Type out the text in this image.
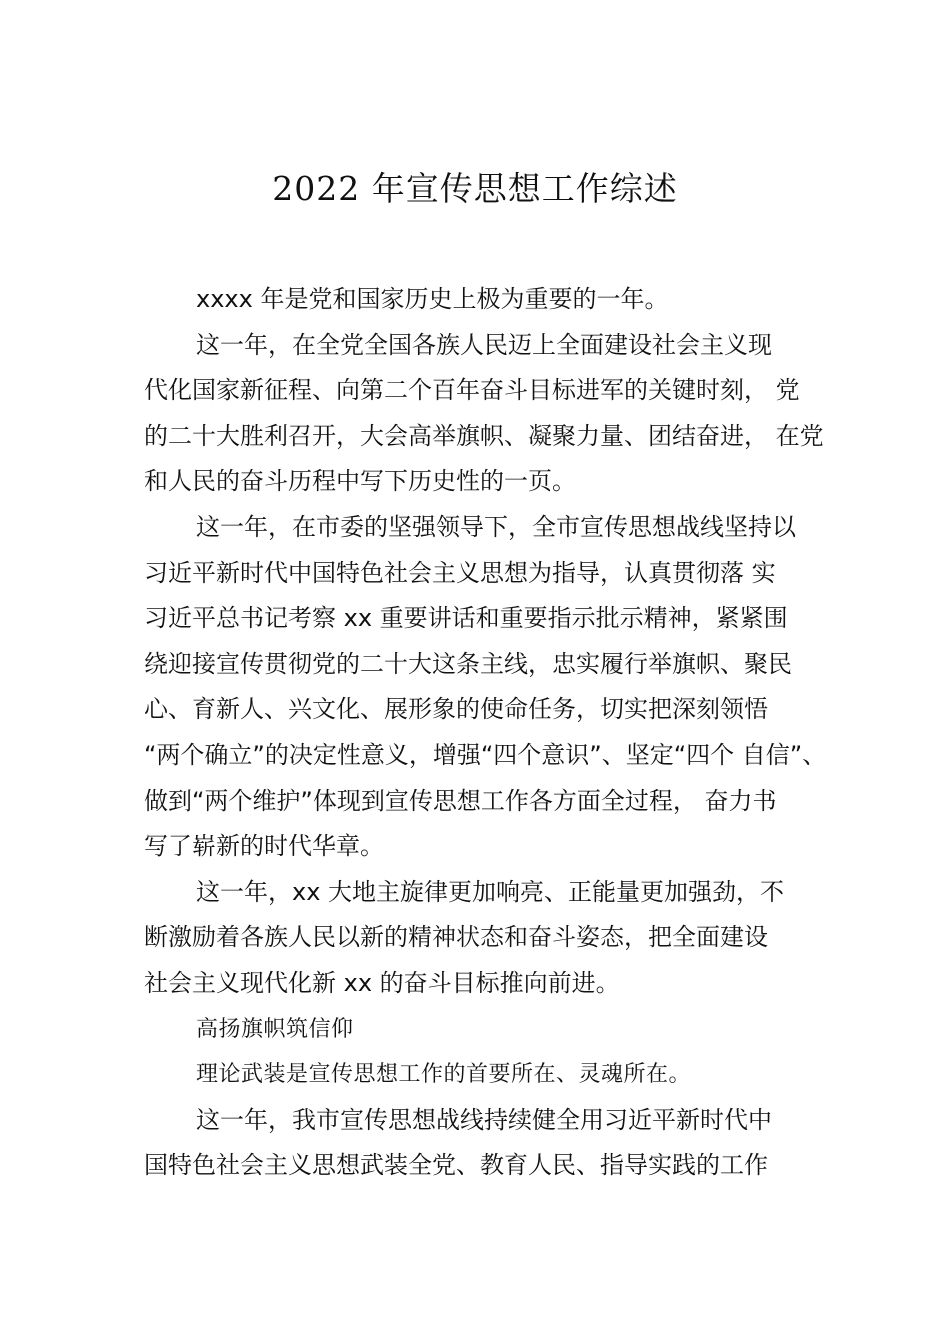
2022 年宣传思想工作综述
xxxx 年是党和国家历史上极为重要的一年。
这一年，在全党全国各族人民迈上全面建设社会主义现
代化国家新征程、向第二个百年奋斗目标进军的关键时刻， 党
的二十大胜利召开，大会高举旗帜、凝聚力量、团结奋进， 在党
和人民的奋斗历程中写下历史性的一页。
这一年，在市委的坚强领导下，全市宣传思想战线坚持以
习近平新时代中国特色社会主义思想为指导，认真贯彻落 实
习近平总书记考察 xx 重要讲话和重要指示批示精神，紧紧围
绕迎接宣传贯彻党的二十大这条主线，忠实履行举旗帜、聚民
心、育新人、兴文化、展形象的使命任务，切实把深刻领悟
“两个确立”的决定性意义，增强“四个意识”、坚定“四个 自信”、
做到“两个维护”体现到宣传思想工作各方面全过程， 奋力书
写了崭新的时代华章。
这一年，xx 大地主旋律更加响亮、正能量更加强劲，不
断激励着各族人民以新的精神状态和奋斗姿态，把全面建设
社会主义现代化新 xx 的奋斗目标推向前进。
高扬旗帜筑信仰
理论武装是宣传思想工作的首要所在、灵魂所在。
这一年，我市宣传思想战线持续健全用习近平新时代中
国特色社会主义思想武装全党、教育人民、指导实践的工作
